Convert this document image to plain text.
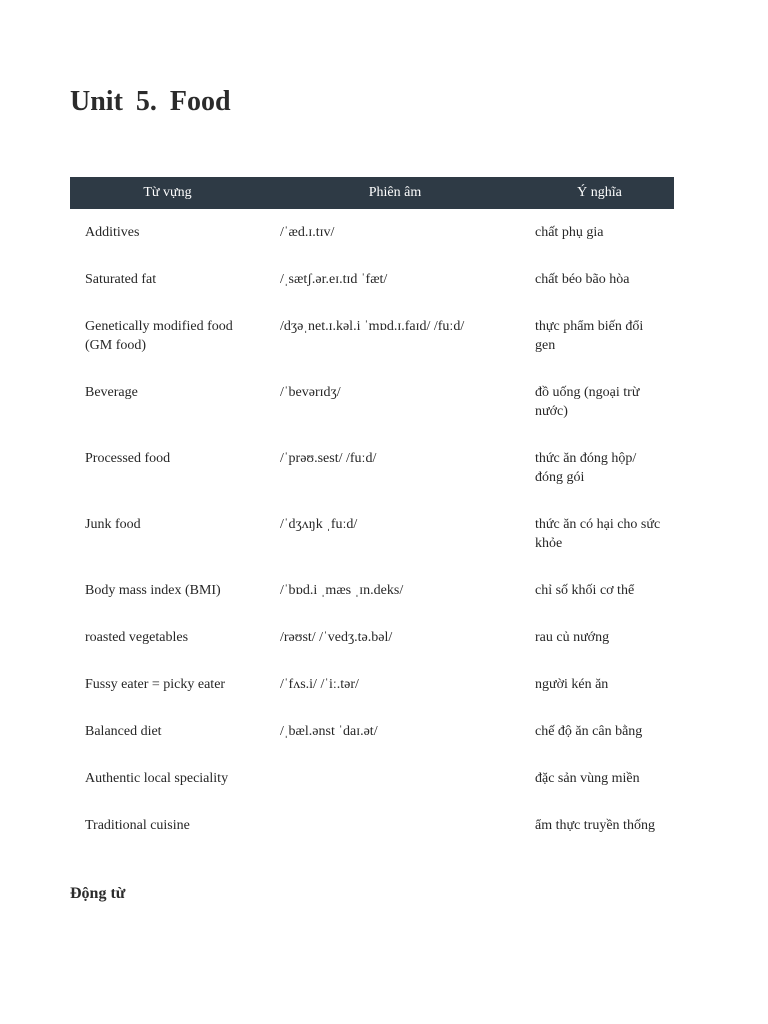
Unit 5. Food
Từ vựng	Phiên âm	Ý nghĩa
Additives	/ˈæd.ɪ.tɪv/	chất phụ gia
Saturated fat	/ˌsætʃ.ər.eɪ.tɪd ˈfæt/	chất béo bão hòa
Genetically modified food (GM food)	/dʒəˌnet.ɪ.kəl.i ˈmɒd.ɪ.faɪd/ /fuːd/	thực phẩm biến đổi gen
Beverage	/ˈbevərɪdʒ/	đồ uống (ngoại trừ nước)
Processed food	/ˈprəʊ.sest/ /fuːd/	thức ăn đóng hộp/ đóng gói
Junk food	/ˈdʒʌŋk ˌfuːd/	thức ăn có hại cho sức khỏe
Body mass index (BMI)	/ˈbɒd.i ˌmæs ˌɪn.deks/	chỉ số khối cơ thể
roasted vegetables	/rəʊst/ /ˈvedʒ.tə.bəl/	rau củ nướng
Fussy eater = picky eater	/ˈfʌs.i/ /ˈiː.tər/	người kén ăn
Balanced diet	/ˌbæl.ənst ˈdaɪ.ət/	chế độ ăn cân bằng
Authentic local speciality		đặc sản vùng miền
Traditional cuisine		ẩm thực truyền thống
Động từ
